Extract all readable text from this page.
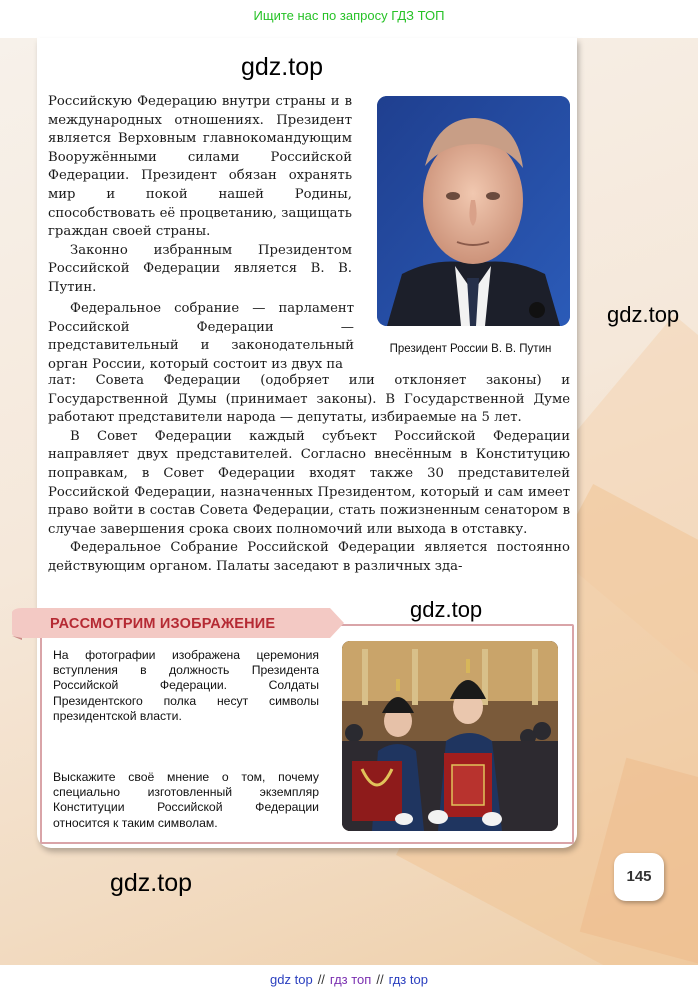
Ищите нас по запросу ГДЗ ТОП
gdz.top
gdz.top

Российскую Федерацию внутри страны и в международных отношениях. Президент является Верховным главнокомандующим Вооружёнными силами Российской Федерации. Президент обязан охранять мир и покой нашей Родины, способствовать её процветанию, защищать граждан своей страны.

Законно избранным Президентом Российской Федерации является В. В. Путин.

Федеральное собрание — парламент Российской Федерации — представительный и законодательный орган России, который состоит из двух па

лат: Совета Федерации (одобряет или отклоняет законы) и Государственной Думы (принимает законы). В Государственной Думе работают представители народа — депутаты, избираемые на 5 лет.

В Совет Федерации каждый субъект Российской Федерации направляет двух представителей. Согласно внесённым в Конституцию поправкам, в Совет Федерации входят также 30 представителей Российской Федерации, назначенных Президентом, который и сам имеет право войти в состав Совета Федерации, стать пожизненным сенатором в случае завершения срока своих полномочий или выхода в отставку.

Федеральное Собрание Российской Федерации является постоянно действующим органом. Палаты заседают в различных зда-

Президент России В. В. Путин
gdz.top
РАССМОТРИМ ИЗОБРАЖЕНИЕ
На фотографии изображена церемония вступления в должность Президента Российской Федерации. Солдаты Президентского полка несут символы президентской власти.
Выскажите своё мнение о том, почему специально изготовленный экземпляр Конституции Российской Федерации относится к таким символам.
gdz.top	145
gdz top // гдз топ // гдз top
